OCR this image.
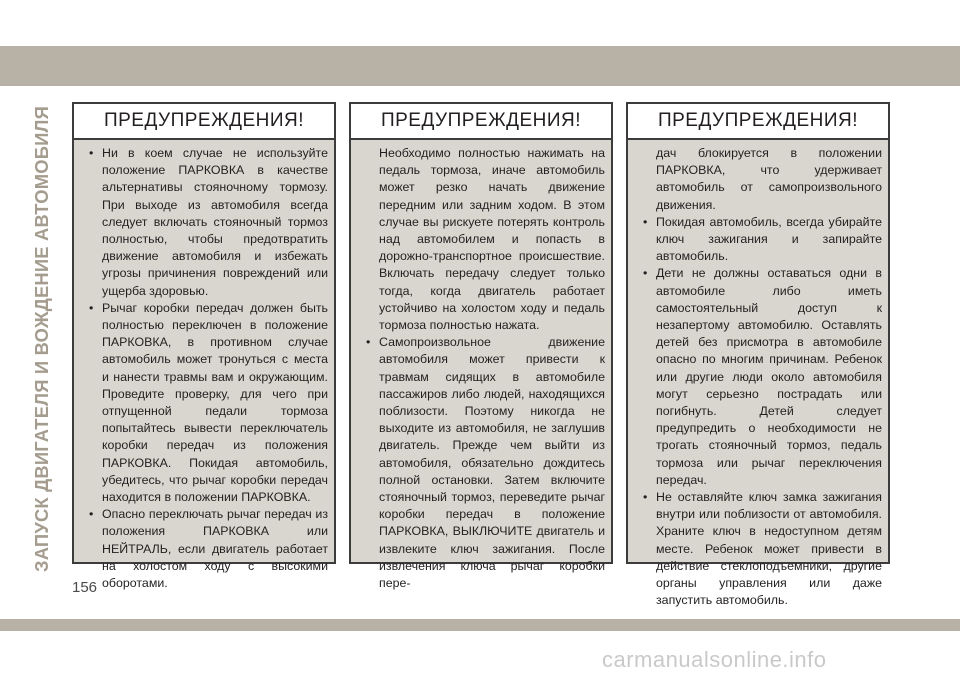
ЗАПУСК ДВИГАТЕЛЯ И ВОЖДЕНИЕ АВТОМОБИЛЯ
156
ПРЕДУПРЕЖДЕНИЯ!
• Ни в коем случае не используйте положение ПАРКОВКА в качестве альтернативы стояночному тормозу. При выходе из автомобиля всегда следует включать стояночный тормоз полностью, чтобы предотвратить движение автомобиля и избежать угрозы причинения повреждений или ущерба здоровью.
• Рычаг коробки передач должен быть полностью переключен в положение ПАРКОВКА, в противном случае автомобиль может тронуться с места и нанести травмы вам и окружающим. Проведите проверку, для чего при отпущенной педали тормоза попытайтесь вывести переключатель коробки передач из положения ПАРКОВКА. Покидая автомобиль, убедитесь, что рычаг коробки передач находится в положении ПАРКОВКА.
• Опасно переключать рычаг передач из положения ПАРКОВКА или НЕЙТРАЛЬ, если двигатель работает на холостом ходу с высокими оборотами.
ПРЕДУПРЕЖДЕНИЯ!

Необходимо полностью нажимать на педаль тормоза, иначе автомобиль может резко начать движение передним или задним ходом. В этом случае вы рискуете потерять контроль над автомобилем и попасть в дорожно-транспортное происшествие. Включать передачу следует только тогда, когда двигатель работает устойчиво на холостом ходу и педаль тормоза полностью нажата.

• Самопроизвольное движение автомобиля может привести к травмам сидящих в автомобиле пассажиров либо людей, находящихся поблизости. Поэтому никогда не выходите из автомобиля, не заглушив двигатель. Прежде чем выйти из автомобиля, обязательно дождитесь полной остановки. Затем включите стояночный тормоз, переведите рычаг коробки передач в положение ПАРКОВКА, ВЫКЛЮЧИТЕ двигатель и извлеките ключ зажигания. После извлечения ключа рычаг коробки пере-
ПРЕДУПРЕЖДЕНИЯ!

дач блокируется в положении ПАРКОВКА, что удерживает автомобиль от самопроизвольного движения.

• Покидая автомобиль, всегда убирайте ключ зажигания и запирайте автомобиль.
• Дети не должны оставаться одни в автомобиле либо иметь самостоятельный доступ к незапертому автомобилю. Оставлять детей без присмотра в автомобиле опасно по многим причинам. Ребенок или другие люди около автомобиля могут серьезно пострадать или погибнуть. Детей следует предупредить о необходимости не трогать стояночный тормоз, педаль тормоза или рычаг переключения передач.
• Не оставляйте ключ замка зажигания внутри или поблизости от автомобиля. Храните ключ в недоступном детям месте. Ребенок может привести в действие стеклоподъемники, другие органы управления или даже запустить автомобиль.
carmanualsonline.info
